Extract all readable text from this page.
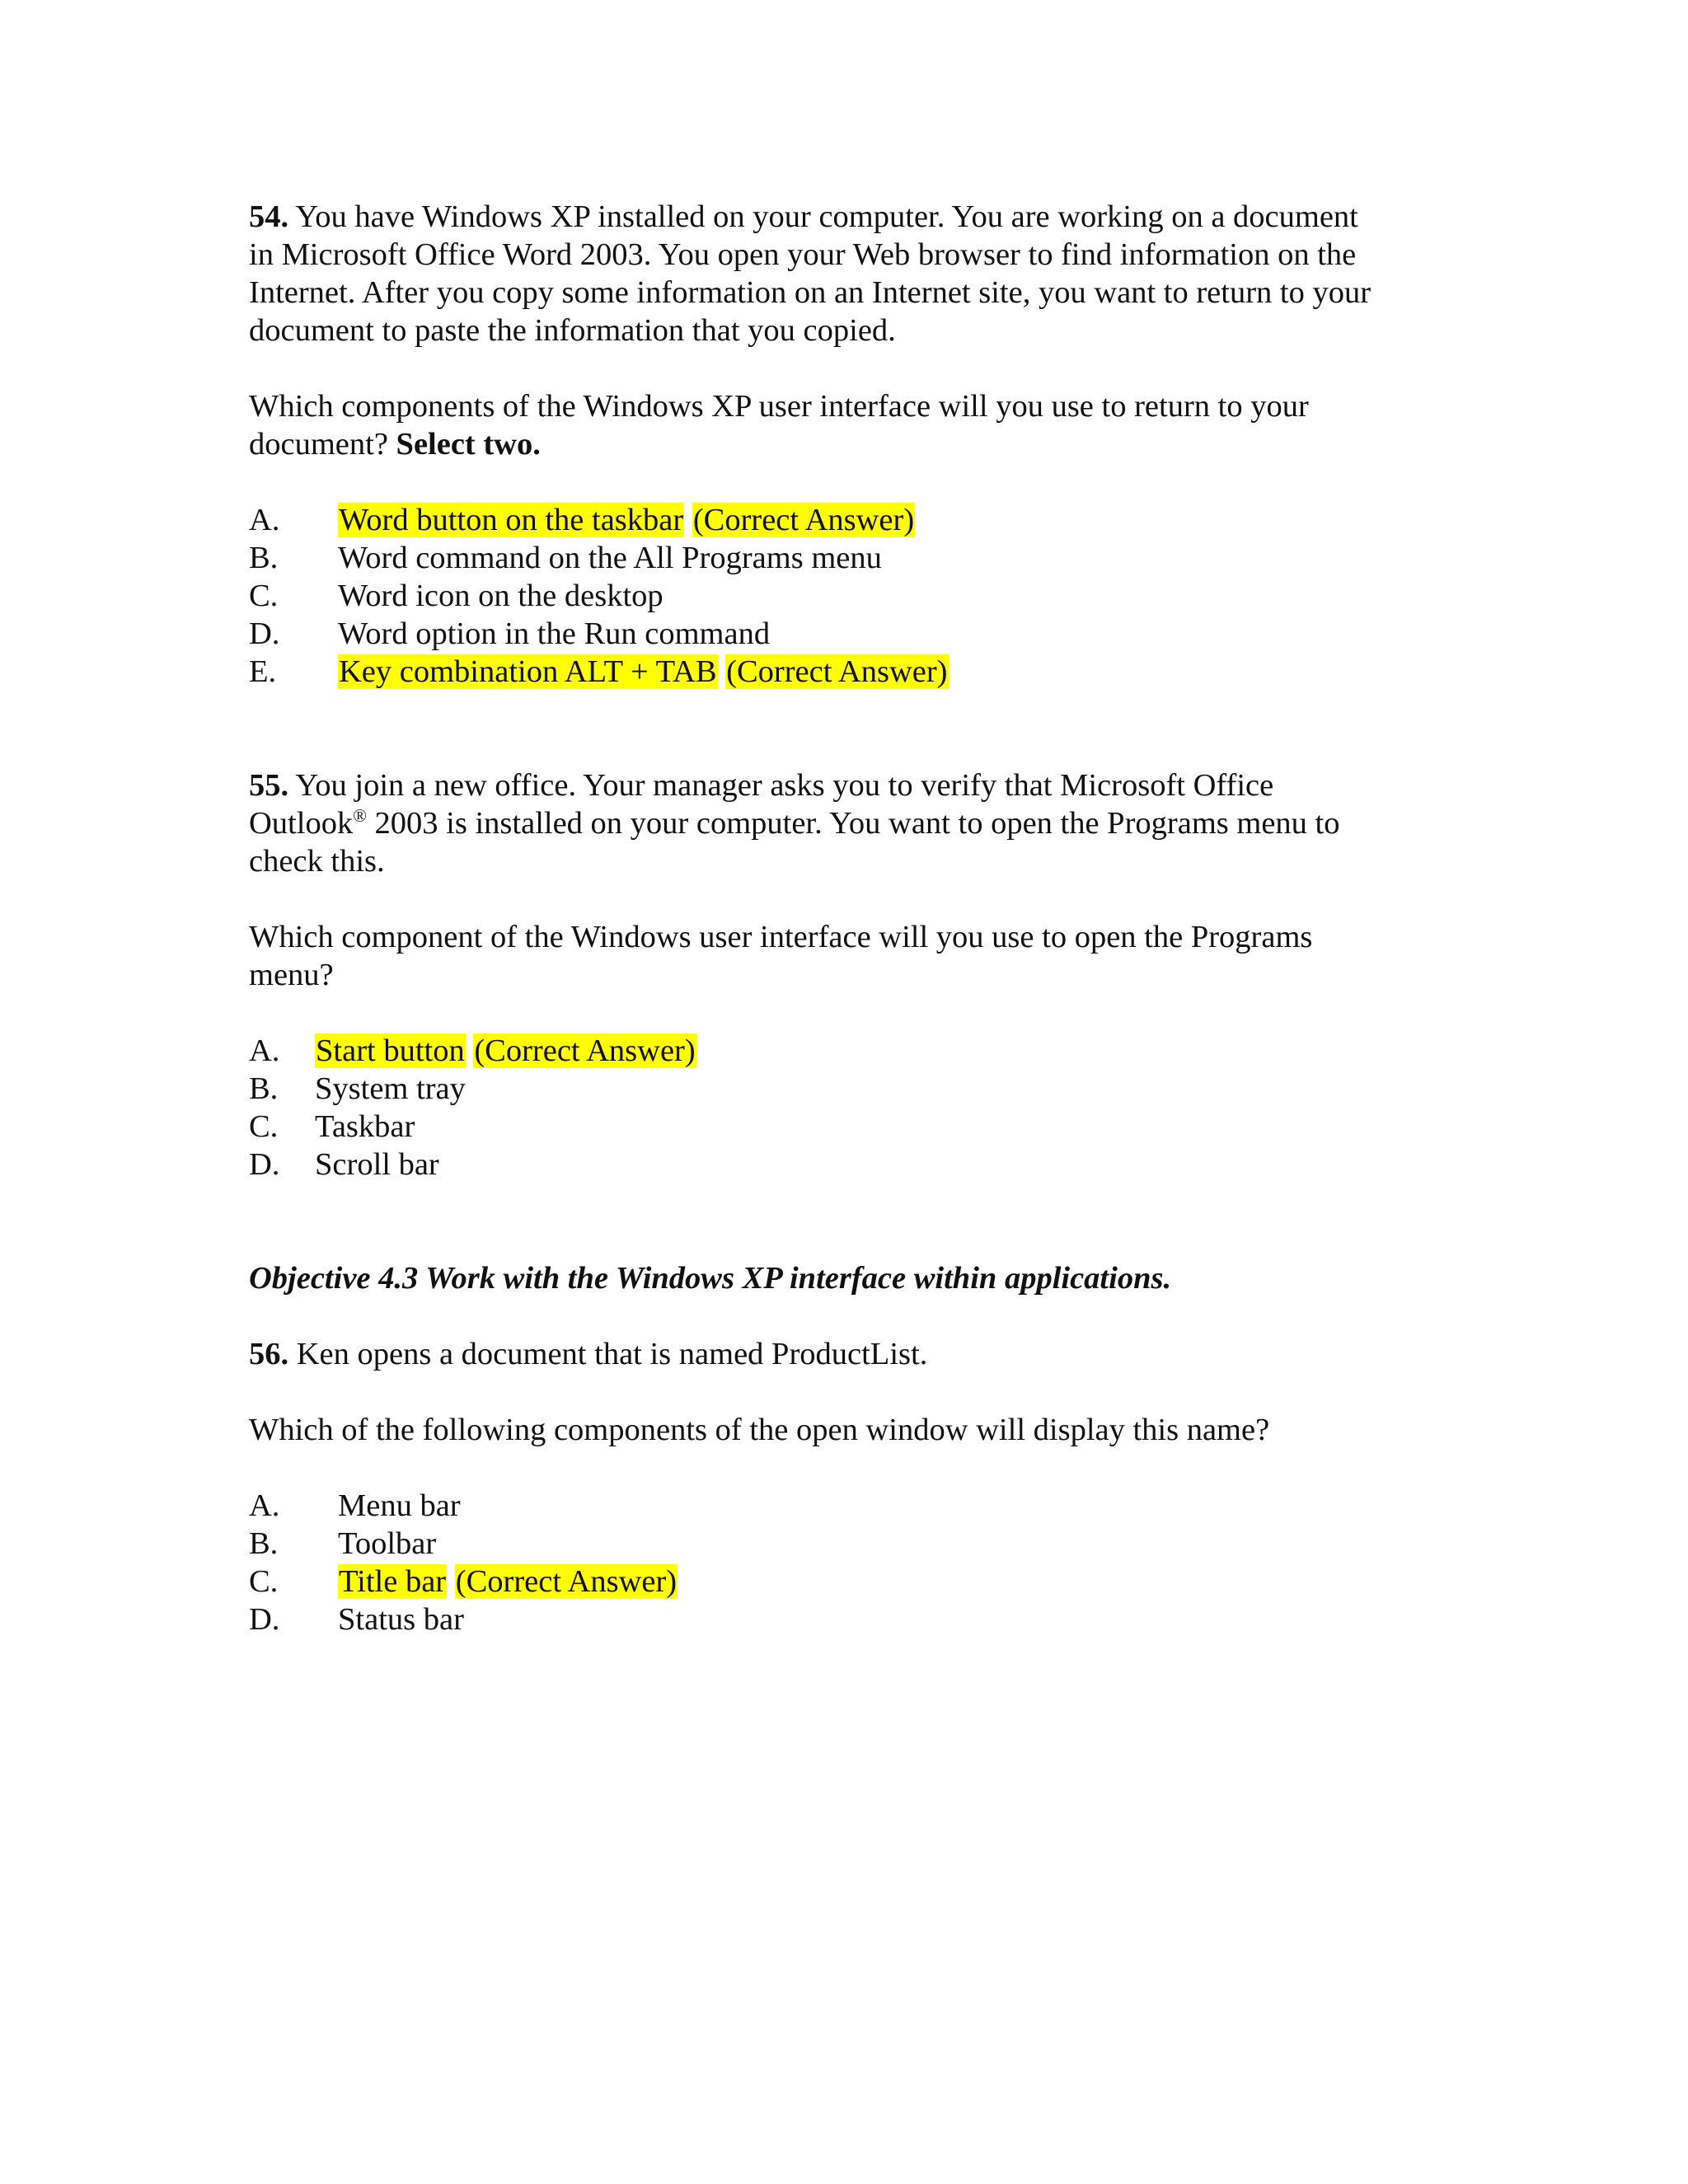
54. You have Windows XP installed on your computer. You are working on a document
in Microsoft Office Word 2003. You open your Web browser to find information on the
Internet. After you copy some information on an Internet site, you want to return to your
document to paste the information that you copied.

Which components of the Windows XP user interface will you use to return to your
document? Select two.

A.	Word button on the taskbar (Correct Answer)
B.	Word command on the All Programs menu
C.	Word icon on the desktop
D.	Word option in the Run command
E.	Key combination ALT + TAB (Correct Answer)

55. You join a new office. Your manager asks you to verify that Microsoft Office
Outlook® 2003 is installed on your computer. You want to open the Programs menu to
check this.

Which component of the Windows user interface will you use to open the Programs
menu?

A.	Start button (Correct Answer)
B.	System tray
C.	Taskbar
D.	Scroll bar

Objective 4.3 Work with the Windows XP interface within applications.

56. Ken opens a document that is named ProductList.

Which of the following components of the open window will display this name?

A.	Menu bar
B.	Toolbar
C.	Title bar (Correct Answer)
D.	Status bar
